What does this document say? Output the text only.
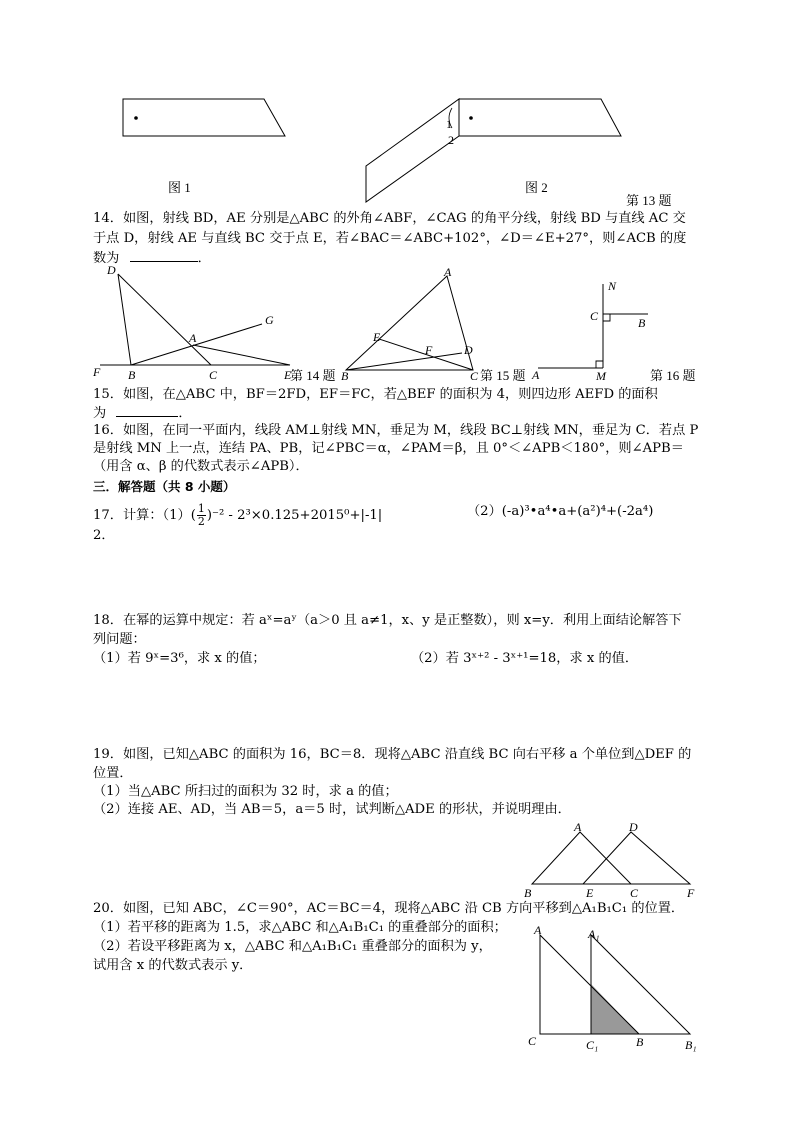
1
2
图 1	图 2
第 13 题
14．如图，射线 BD，AE 分别是△ABC 的外角∠ABF，∠CAG 的角平分线，射线 BD 与直线 AC 交
于点 D，射线 AE 与直线 BC 交于点 E，若∠BAC＝∠ABC+102°，∠D＝∠E+27°，则∠ACB 的度
数为	．
D
A
G
F B	C	E
第 14 题
A
E
F	D
B	C 第 15 题
N
C	B
A	M	第 16 题
15．如图，在△ABC 中，BF＝2FD，EF＝FC，若△BEF 的面积为 4，则四边形 AEFD 的面积
为	．
16．如图，在同一平面内，线段 AM⊥射线 MN，垂足为 M，线段 BC⊥射线 MN，垂足为 C．若点 P
是射线 MN 上一点，连结 PA、PB，记∠PBC＝α，∠PAM＝β，且 0°＜∠APB＜180°，则∠APB＝
（用含 α、β 的代数式表示∠APB）．
三．解答题（共 8 小题）
17．计算：$(1)( \frac{1}{2} )^{-2} - 2^3\times 0.125+2015^0+|-1|$	（2）(-a)³•a⁴•a+(a²)⁴+(-2a⁴)
2．
18．在幂的运算中规定：若 aˣ=aʸ（a＞0 且 a≠1，x、y 是正整数），则 x=y．利用上面结论解答下
列问题：
（1）若 9ˣ=3⁶，求 x 的值；	（2）若 3ˣ⁺² - 3ˣ⁺¹=18，求 x 的值．
19．如图，已知△ABC 的面积为 16，BC＝8．现将△ABC 沿直线 BC 向右平移 a 个单位到△DEF 的
位置．
（1）当△ABC 所扫过的面积为 32 时，求 a 的值；
（2）连接 AE、AD，当 AB＝5，a＝5 时，试判断△ADE 的形状，并说明理由．
A	D
B	E	C	F
20．如图，已知 ABC，∠C＝90°，AC＝BC＝4，现将△ABC 沿 CB 方向平移到△A₁B₁C₁ 的位置．
（1）若平移的距离为 1.5，求△ABC 和△A₁B₁C₁ 的重叠部分的面积；
（2）若设平移距离为 x，△ABC 和△A₁B₁C₁ 重叠部分的面积为 y，
试用含 x 的代数式表示 y．
A	A₁
C	C₁	B	B₁
